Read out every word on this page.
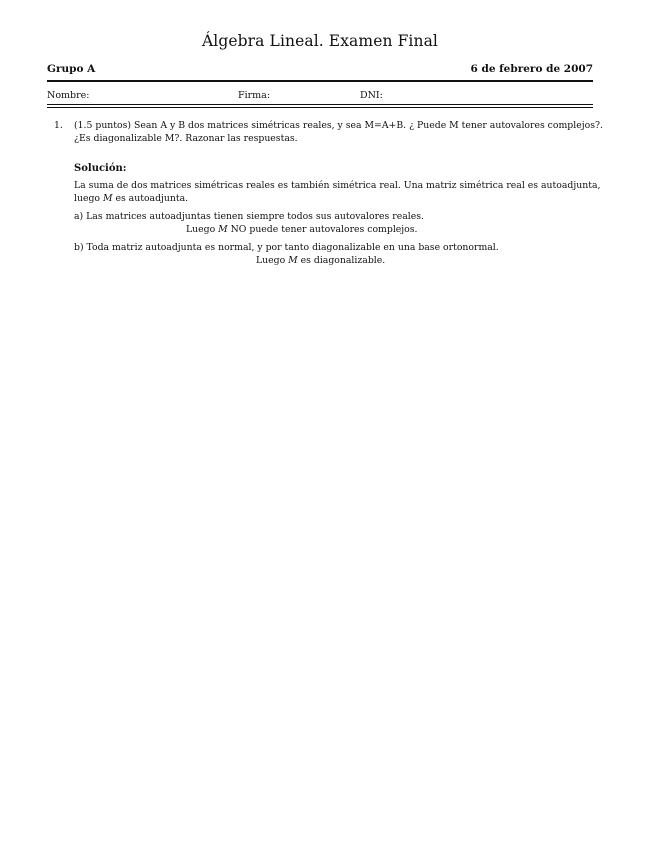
Álgebra Lineal. Examen Final
Grupo A	6 de febrero de 2007
Nombre:	Firma:	DNI:
1. (1.5 puntos) Sean A y B dos matrices simétricas reales, y sea M=A+B. ¿ Puede M tener autovalores complejos?.
¿Es diagonalizable M?. Razonar las respuestas.
Solución:
La suma de dos matrices simétricas reales es también simétrica real. Una matriz simétrica real es autoadjunta,
luego M es autoadjunta.
a) Las matrices autoadjuntas tienen siempre todos sus autovalores reales.
Luego M NO puede tener autovalores complejos.
b) Toda matriz autoadjunta es normal, y por tanto diagonalizable en una base ortonormal.
Luego M es diagonalizable.
